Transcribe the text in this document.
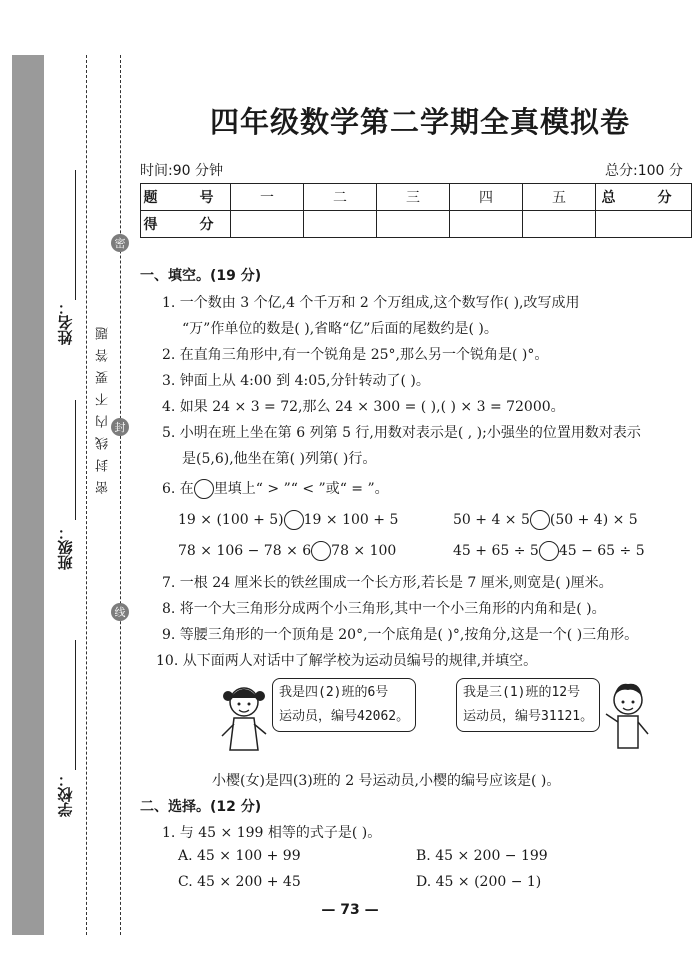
姓名：
班级：
学校：
密
封
线
密封线内不要答题
四年级数学第二学期全真模拟卷
时间:90 分钟	总分:100 分
题　号	一	二	三	四	五	总　分
得　分						
一、填空。(19 分)
1. 一个数由 3 个亿,4 个千万和 2 个万组成,这个数写作( ),改写成用
“万”作单位的数是( ),省略“亿”后面的尾数约是( )。
2. 在直角三角形中,有一个锐角是 25°,那么另一个锐角是( )°。
3. 钟面上从 4:00 到 4:05,分针转动了( )。
4. 如果 24 × 3 = 72,那么 24 × 300 = ( ),( ) × 3 = 72000。
5. 小明在班上坐在第 6 列第 5 行,用数对表示是( , );小强坐的位置用数对表示
是(5,6),他坐在第( )列第( )行。
6. 在 里填上“ > ”“ < ”或“ = ”。
19 × (100 + 5) 19 × 100 + 5	50 + 4 × 5 (50 + 4) × 5
78 × 106 − 78 × 6 78 × 100	45 + 65 ÷ 5 45 − 65 ÷ 5
7. 一根 24 厘米长的铁丝围成一个长方形,若长是 7 厘米,则宽是( )厘米。
8. 将一个大三角形分成两个小三角形,其中一个小三角形的内角和是( )。
9. 等腰三角形的一个顶角是 20°,一个底角是( )°,按角分,这是一个( )三角形。
10. 从下面两人对话中了解学校为运动员编号的规律,并填空。
我是四(2)班的6号
运动员，编号42062。
我是三(1)班的12号
运动员，编号31121。
小樱(女)是四(3)班的 2 号运动员,小樱的编号应该是( )。
二、选择。(12 分)
1. 与 45 × 199 相等的式子是( )。
A. 45 × 100 + 99	B. 45 × 200 − 199
C. 45 × 200 + 45	D. 45 × (200 − 1)
— 73 —
